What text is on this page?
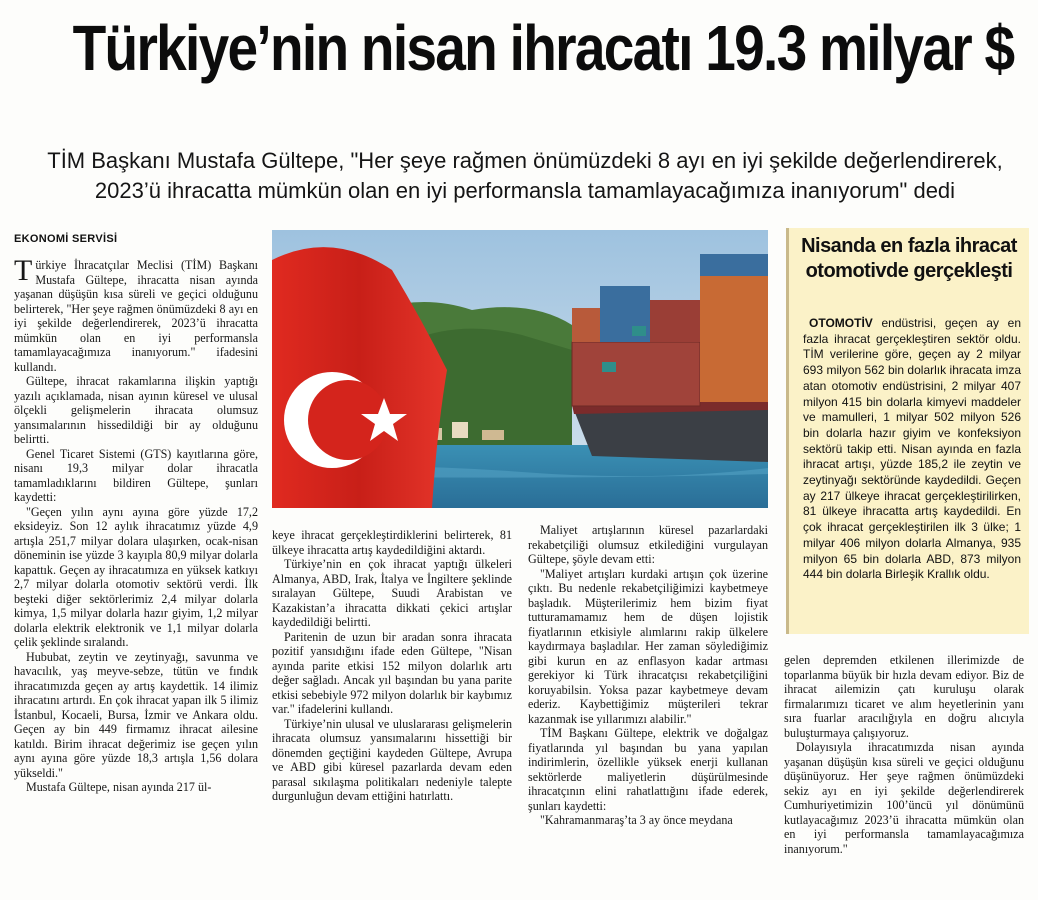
Türkiye’nin nisan ihracatı 19.3 milyar $
TİM Başkanı Mustafa Gültepe, "Her şeye rağmen önümüzdeki 8 ayı en iyi şekilde değerlendirerek, 2023’ü ihracatta mümkün olan en iyi performansla tamamlayacağımıza inanıyorum" dedi
EKONOMİ SERVİSİ

Türkiye İhracatçılar Meclisi (TİM) Başkanı Mustafa Gültepe, ihracatta nisan ayında yaşanan düşüşün kısa süreli ve geçici olduğunu belirterek, "Her şeye rağmen önümüzdeki 8 ayı en iyi şekilde değerlendirerek, 2023’ü ihracatta mümkün olan en iyi performansla tamamlayacağımıza inanıyorum." ifadesini kullandı.

Gültepe, ihracat rakamlarına ilişkin yaptığı yazılı açıklamada, nisan ayının küresel ve ulusal ölçekli gelişmelerin ihracata olumsuz yansımalarının hissedildiği bir ay olduğunu belirtti.

Genel Ticaret Sistemi (GTS) kayıtlarına göre, nisanı 19,3 milyar dolar ihracatla tamamladıklarını bildiren Gültepe, şunları kaydetti:

"Geçen yılın aynı ayına göre yüzde 17,2 eksideyiz. Son 12 aylık ihracatımız yüzde 4,9 artışla 251,7 milyar dolara ulaşırken, ocak-nisan döneminin ise yüzde 3 kayıpla 80,9 milyar dolarla kapattık. Geçen ay ihracatımıza en yüksek katkıyı 2,7 milyar dolarla otomotiv sektörü verdi. İlk beşteki diğer sektörlerimiz 2,4 milyar dolarla kimya, 1,5 milyar dolarla hazır giyim, 1,2 milyar dolarla elektrik elektronik ve 1,1 milyar dolarla çelik şeklinde sıralandı.

Hububat, zeytin ve zeytinyağı, savunma ve havacılık, yaş meyve-sebze, tütün ve fındık ihracatımızda geçen ay artış kaydettik. 14 ilimiz ihracatını artırdı. En çok ihracat yapan ilk 5 ilimiz İstanbul, Kocaeli, Bursa, İzmir ve Ankara oldu. Geçen ay bin 449 firmamız ihracat ailesine katıldı. Birim ihracat değerimiz ise geçen yılın aynı ayına göre yüzde 18,3 artışla 1,56 dolara yükseldi."

Mustafa Gültepe, nisan ayında 217 ül-

keye ihracat gerçekleştirdiklerini belirterek, 81 ülkeye ihracatta artış kaydedildiğini aktardı.

Türkiye’nin en çok ihracat yaptığı ülkeleri Almanya, ABD, Irak, İtalya ve İngiltere şeklinde sıralayan Gültepe, Suudi Arabistan ve Kazakistan’a ihracatta dikkati çekici artışlar kaydedildiği belirtti.

Paritenin de uzun bir aradan sonra ihracata pozitif yansıdığını ifade eden Gültepe, "Nisan ayında parite etkisi 152 milyon dolarlık artı değer sağladı. Ancak yıl başından bu yana parite etkisi sebebiyle 972 milyon dolarlık bir kaybımız var." ifadelerini kullandı.

Türkiye’nin ulusal ve uluslararası gelişmelerin ihracata olumsuz yansımalarını hissettiği bir dönemden geçtiğini kaydeden Gültepe, Avrupa ve ABD gibi küresel pazarlarda devam eden parasal sıkılaşma politikaları nedeniyle talepte durgunluğun devam ettiğini hatırlattı.

Maliyet artışlarının küresel pazarlardaki rekabetçiliği olumsuz etkilediğini vurgulayan Gültepe, şöyle devam etti:

"Maliyet artışları kurdaki artışın çok üzerine çıktı. Bu nedenle rekabetçiliğimizi kaybetmeye başladık. Müşterilerimiz hem bizim fiyat tutturamamamız hem de düşen lojistik fiyatlarının etkisiyle alımlarını rakip ülkelere kaydırmaya başladılar. Her zaman söylediğimiz gibi kurun en az enflasyon kadar artması gerekiyor ki Türk ihracatçısı rekabetçiliğini koruyabilsin. Yoksa pazar kaybetmeye devam ederiz. Kaybettiğimiz müşterileri tekrar kazanmak ise yıllarımızı alabilir."

TİM Başkanı Gültepe, elektrik ve doğalgaz fiyatlarında yıl başından bu yana yapılan indirimlerin, özellikle yüksek enerji kullanan sektörlerde maliyetlerin düşürülmesinde ihracatçının elini rahatlattığını ifade ederek, şunları kaydetti:

"Kahramanmaraş’ta 3 ay önce meydana

gelen depremden etkilenen illerimizde de toparlanma büyük bir hızla devam ediyor. Biz de ihracat ailemizin çatı kuruluşu olarak firmalarımızı ticaret ve alım heyetlerinin yanı sıra fuarlar aracılığıyla en doğru alıcıyla buluşturmaya çalışıyoruz.

Dolayısıyla ihracatımızda nisan ayında yaşanan düşüşün kısa süreli ve geçici olduğunu düşünüyoruz. Her şeye rağmen önümüzdeki sekiz ayı en iyi şekilde değerlendirerek Cumhuriyetimizin 100’üncü yıl dönümünü kutlayacağımız 2023’ü ihracatta mümkün olan en iyi performansla tamamlayacağımıza inanıyorum."

Nisanda en fazla ihracat
otomotivde gerçekleşti

OTOMOTİV endüstrisi, geçen ay en fazla ihracat gerçekleştiren sektör oldu. TİM verilerine göre, geçen ay 2 milyar 693 milyon 562 bin dolarlık ihracata imza atan otomotiv endüstrisini, 2 milyar 407 milyon 415 bin dolarla kimyevi maddeler ve mamulleri, 1 milyar 502 milyon 526 bin dolarla hazır giyim ve konfeksiyon sektörü takip etti. Nisan ayında en fazla ihracat artışı, yüzde 185,2 ile zeytin ve zeytinyağı sektöründe kaydedildi. Geçen ay 217 ülkeye ihracat gerçekleştirilirken, 81 ülkeye ihracatta artış kaydedildi. En çok ihracat gerçekleştirilen ilk 3 ülke; 1 milyar 406 milyon dolarla Almanya, 935 milyon 65 bin dolarla ABD, 873 milyon 444 bin dolarla Birleşik Krallık oldu.
